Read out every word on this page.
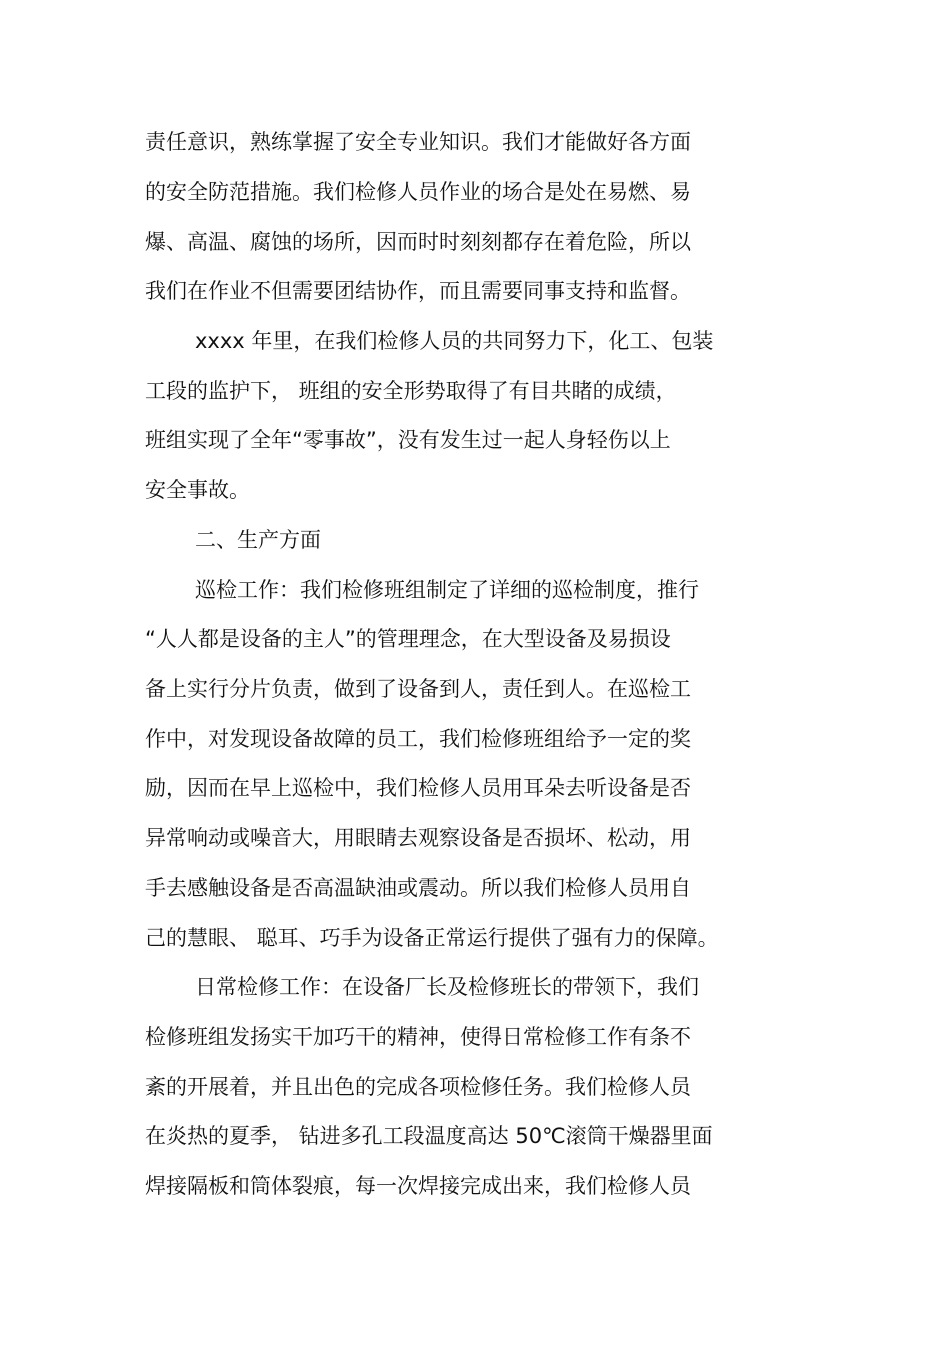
责任意识，熟练掌握了安全专业知识。我们才能做好各方面
的安全防范措施。我们检修人员作业的场合是处在易燃、易
爆、高温、腐蚀的场所，因而时时刻刻都存在着危险，所以
我们在作业不但需要团结协作，而且需要同事支持和监督。
xxxx 年里，在我们检修人员的共同努力下，化工、包装
工段的监护下， 班组的安全形势取得了有目共睹的成绩，
班组实现了全年“零事故”，没有发生过一起人身轻伤以上
安全事故。
二、生产方面
巡检工作：我们检修班组制定了详细的巡检制度，推行
“人人都是设备的主人”的管理理念，在大型设备及易损设
备上实行分片负责，做到了设备到人，责任到人。在巡检工
作中，对发现设备故障的员工，我们检修班组给予一定的奖
励，因而在早上巡检中，我们检修人员用耳朵去听设备是否
异常响动或噪音大，用眼睛去观察设备是否损坏、松动，用
手去感触设备是否高温缺油或震动。所以我们检修人员用自
己的慧眼、 聪耳、巧手为设备正常运行提供了强有力的保障。
日常检修工作：在设备厂长及检修班长的带领下，我们
检修班组发扬实干加巧干的精神，使得日常检修工作有条不
紊的开展着，并且出色的完成各项检修任务。我们检修人员
在炎热的夏季， 钻进多孔工段温度高达 50℃滚筒干燥器里面
焊接隔板和筒体裂痕，每一次焊接完成出来，我们检修人员
